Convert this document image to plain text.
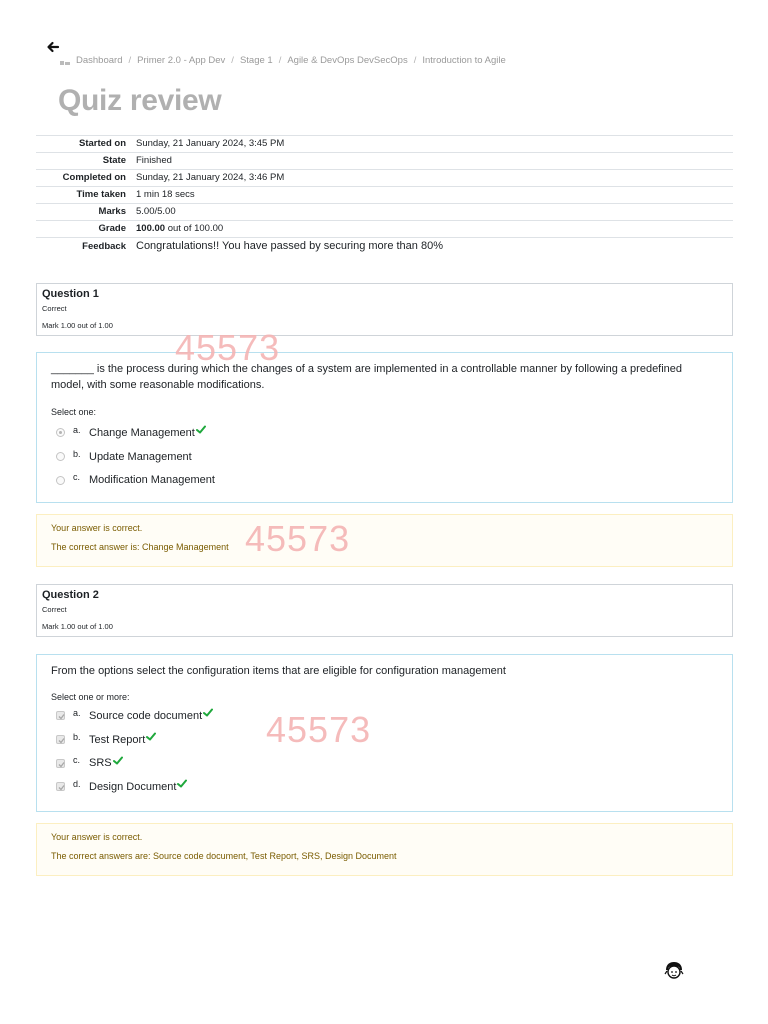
Dashboard / Primer 2.0 - App Dev / Stage 1 / Agile & DevOps DevSecOps / Introduction to Agile
Quiz review
Started on	Sunday, 21 January 2024, 3:45 PM
State	Finished
Completed on	Sunday, 21 January 2024, 3:46 PM
Time taken	1 min 18 secs
Marks	5.00/5.00
Grade	100.00 out of 100.00
Feedback	Congratulations!! You have passed by securing more than 80%
Question 1
Correct
Mark 1.00 out of 1.00
_______ is the process during which the changes of a system are implemented in a controllable manner by following a predefined model, with some reasonable modifications.
Select one:
a. Change Management
b. Update Management
c. Modification Management
Your answer is correct.
The correct answer is: Change Management
Question 2
Correct
Mark 1.00 out of 1.00
From the options select the configuration items that are eligible for configuration management
Select one or more:
a. Source code document
b. Test Report
c. SRS
d. Design Document
Your answer is correct.
The correct answers are: Source code document, Test Report, SRS, Design Document
45573
45573
45573
